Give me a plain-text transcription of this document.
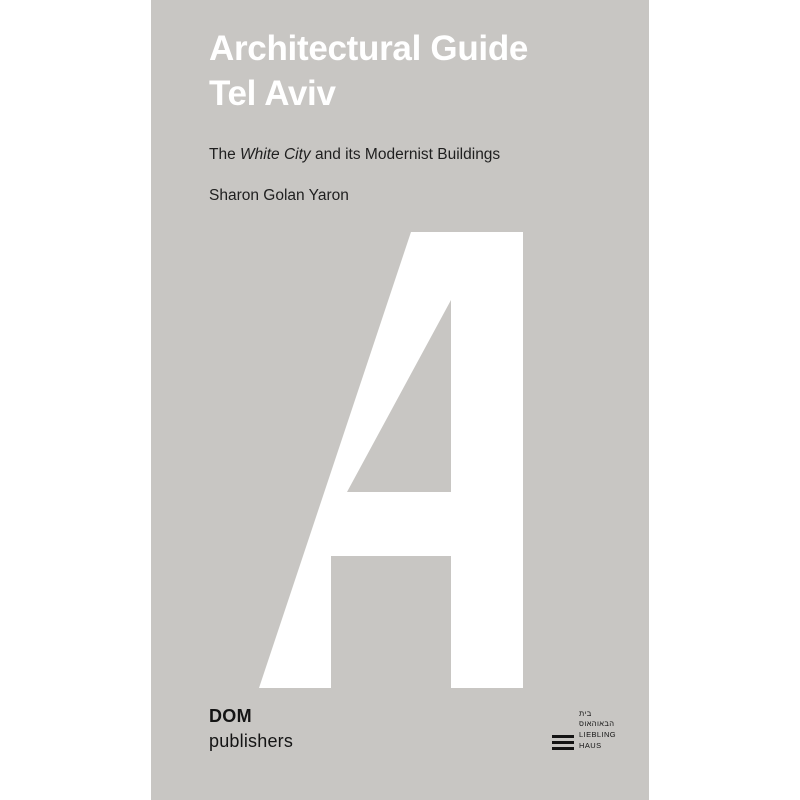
Architectural Guide
Tel Aviv
The White City and its Modernist Buildings
Sharon Golan Yaron
DOM
publishers
בית
הבאוהאוס
LIEBLING
HAUS
